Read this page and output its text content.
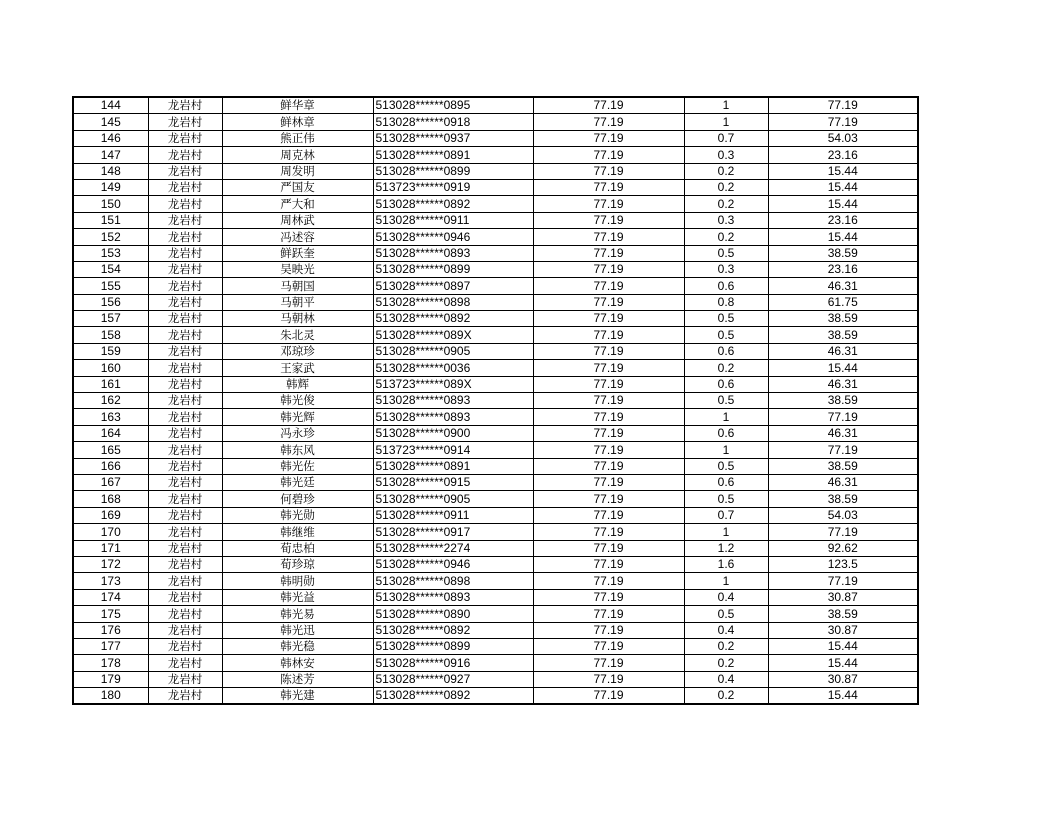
144	龙岩村	鲜华章	513028******0895	77.19	1	77.19
145	龙岩村	鲜林章	513028******0918	77.19	1	77.19
146	龙岩村	熊正伟	513028******0937	77.19	0.7	54.03
147	龙岩村	周克林	513028******0891	77.19	0.3	23.16
148	龙岩村	周发明	513028******0899	77.19	0.2	15.44
149	龙岩村	严国友	513723******0919	77.19	0.2	15.44
150	龙岩村	严大和	513028******0892	77.19	0.2	15.44
151	龙岩村	周林武	513028******0911	77.19	0.3	23.16
152	龙岩村	冯述容	513028******0946	77.19	0.2	15.44
153	龙岩村	鲜跃奎	513028******0893	77.19	0.5	38.59
154	龙岩村	吴映光	513028******0899	77.19	0.3	23.16
155	龙岩村	马朝国	513028******0897	77.19	0.6	46.31
156	龙岩村	马朝平	513028******0898	77.19	0.8	61.75
157	龙岩村	马朝林	513028******0892	77.19	0.5	38.59
158	龙岩村	朱北灵	513028******089X	77.19	0.5	38.59
159	龙岩村	邓琼珍	513028******0905	77.19	0.6	46.31
160	龙岩村	王家武	513028******0036	77.19	0.2	15.44
161	龙岩村	韩辉	513723******089X	77.19	0.6	46.31
162	龙岩村	韩光俊	513028******0893	77.19	0.5	38.59
163	龙岩村	韩光辉	513028******0893	77.19	1	77.19
164	龙岩村	冯永珍	513028******0900	77.19	0.6	46.31
165	龙岩村	韩东风	513723******0914	77.19	1	77.19
166	龙岩村	韩光佐	513028******0891	77.19	0.5	38.59
167	龙岩村	韩光廷	513028******0915	77.19	0.6	46.31
168	龙岩村	何碧珍	513028******0905	77.19	0.5	38.59
169	龙岩村	韩光勋	513028******0911	77.19	0.7	54.03
170	龙岩村	韩继维	513028******0917	77.19	1	77.19
171	龙岩村	荀忠柏	513028******2274	77.19	1.2	92.62
172	龙岩村	荀珍琼	513028******0946	77.19	1.6	123.5
173	龙岩村	韩明勋	513028******0898	77.19	1	77.19
174	龙岩村	韩光益	513028******0893	77.19	0.4	30.87
175	龙岩村	韩光易	513028******0890	77.19	0.5	38.59
176	龙岩村	韩光迅	513028******0892	77.19	0.4	30.87
177	龙岩村	韩光稳	513028******0899	77.19	0.2	15.44
178	龙岩村	韩林安	513028******0916	77.19	0.2	15.44
179	龙岩村	陈述芳	513028******0927	77.19	0.4	30.87
180	龙岩村	韩光建	513028******0892	77.19	0.2	15.44
